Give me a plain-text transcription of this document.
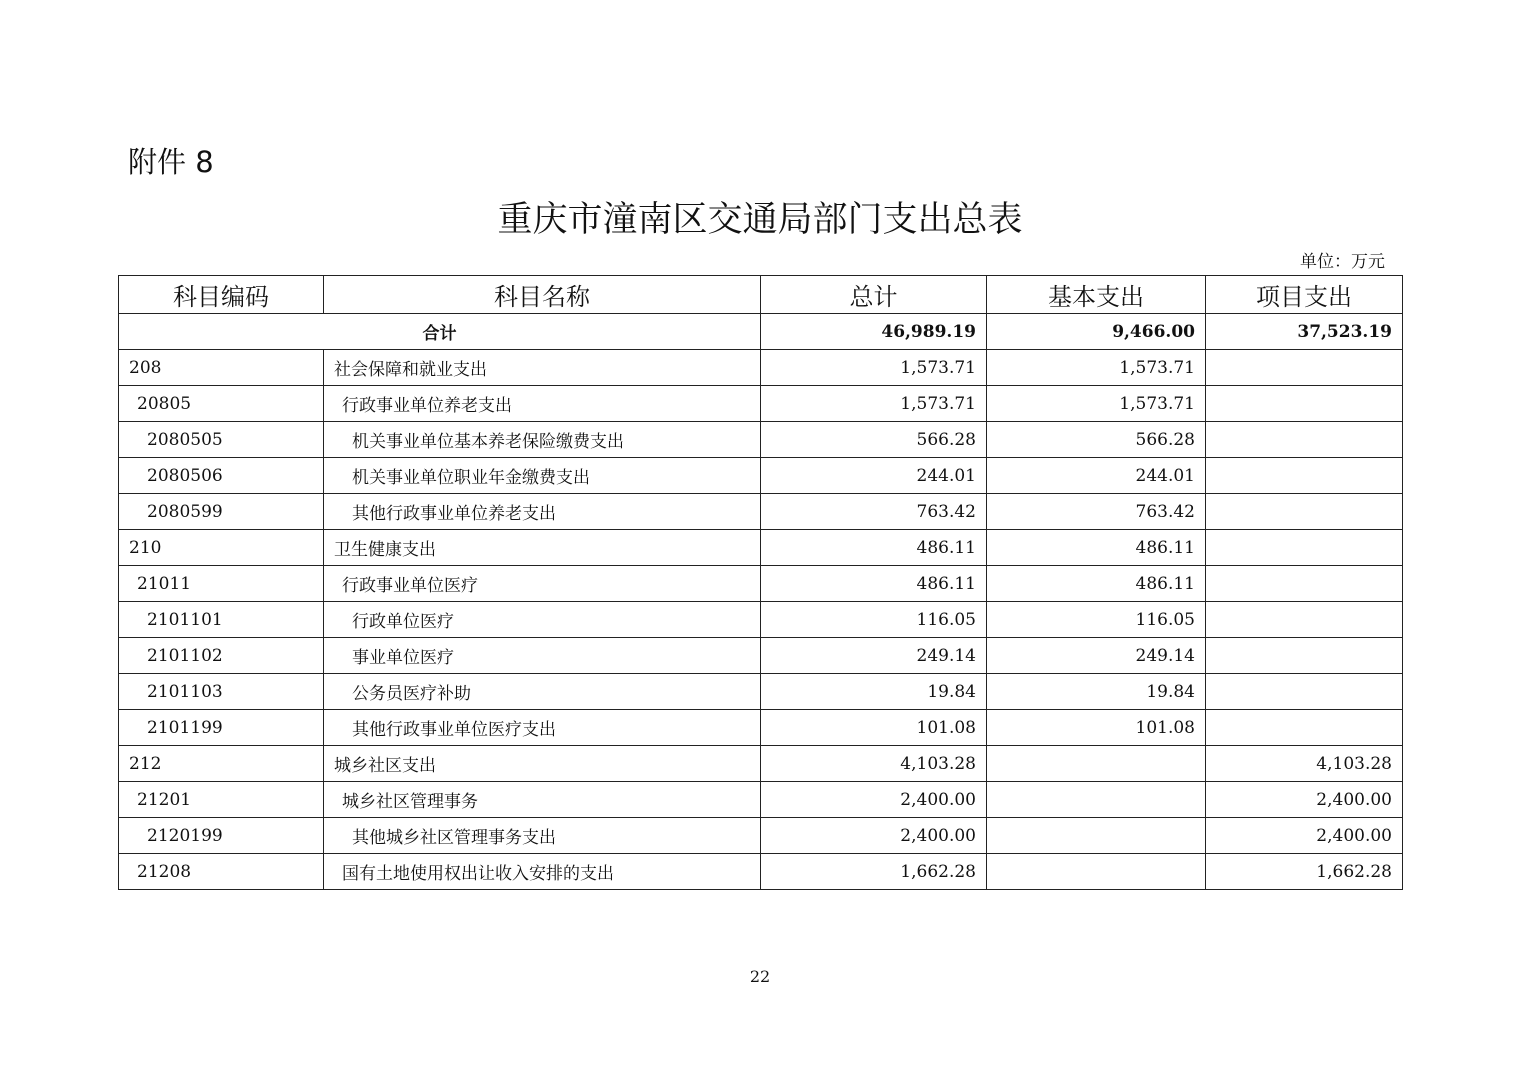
附件 8
重庆市潼南区交通局部门支出总表
单位：万元
科目编码	科目名称	总计	基本支出	项目支出
合计		46,989.19	9,466.00	37,523.19
208	社会保障和就业支出	1,573.71	1,573.71	
20805	行政事业单位养老支出	1,573.71	1,573.71	
2080505	机关事业单位基本养老保险缴费支出	566.28	566.28	
2080506	机关事业单位职业年金缴费支出	244.01	244.01	
2080599	其他行政事业单位养老支出	763.42	763.42	
210	卫生健康支出	486.11	486.11	
21011	行政事业单位医疗	486.11	486.11	
2101101	行政单位医疗	116.05	116.05	
2101102	事业单位医疗	249.14	249.14	
2101103	公务员医疗补助	19.84	19.84	
2101199	其他行政事业单位医疗支出	101.08	101.08	
212	城乡社区支出	4,103.28		4,103.28
21201	城乡社区管理事务	2,400.00		2,400.00
2120199	其他城乡社区管理事务支出	2,400.00		2,400.00
21208	国有土地使用权出让收入安排的支出	1,662.28		1,662.28
22
